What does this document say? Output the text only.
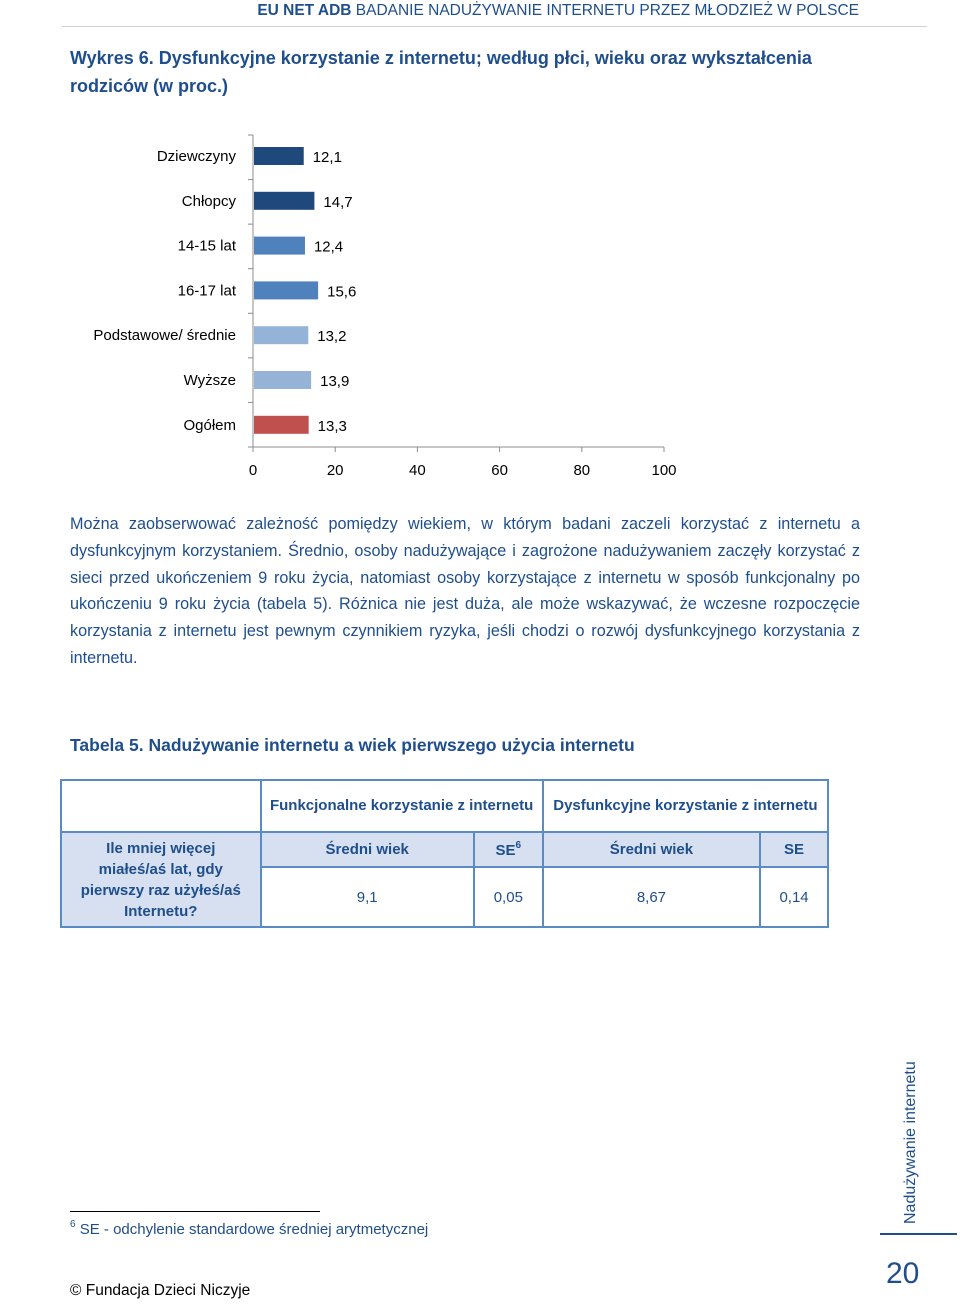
EU NET ADB BADANIE NADUŻYWANIE INTERNETU PRZEZ MŁODZIEŻ W POLSCE
Wykres 6. Dysfunkcyjne korzystanie z internetu; według płci, wieku oraz wykształcenia rodziców (w proc.)
0	20	40	60	80	100
Dziewczyny	12,1
Chłopcy	14,7
14-15 lat	12,4
16-17 lat	15,6
Podstawowe/ średnie	13,2
Wyższe	13,9
Ogółem	13,3
Można zaobserwować zależność pomiędzy wiekiem, w którym badani zaczeli korzystać z internetu a dysfunkcyjnym korzystaniem. Średnio, osoby nadużywające i zagrożone nadużywaniem zaczęły korzystać z sieci przed ukończeniem 9 roku życia, natomiast osoby korzystające z internetu w sposób funkcjonalny po ukończeniu 9 roku życia (tabela 5). Różnica nie jest duża, ale może wskazywać, że wczesne rozpoczęcie korzystania z internetu jest pewnym czynnikiem ryzyka, jeśli chodzi o rozwój dysfunkcyjnego korzystania z internetu.
Tabela 5. Nadużywanie internetu a wiek pierwszego użycia internetu
	Funkcjonalne korzystanie z internetu		Dysfunkcyjne korzystanie z internetu	
Ile mniej więcej miałeś/aś lat, gdy pierwszy raz użyłeś/aś Internetu?	Średni wiek	$SE^6$	Średni wiek	SE
	9,1	0,05	8,67	0,14
$^6$ SE - odchylenie standardowe średniej arytmetycznej
© Fundacja Dzieci Niczyje
Nadużywanie internetu
20
